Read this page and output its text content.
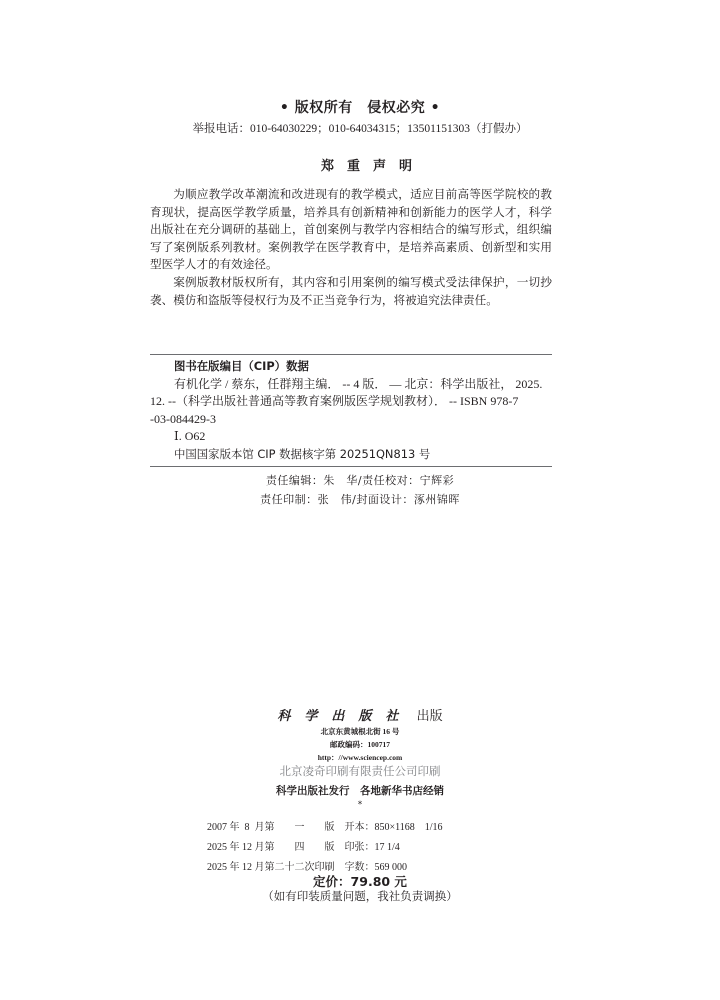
• 版权所有　侵权必究 •
举报电话：010-64030229；010-64034315；13501151303（打假办）
郑重声明

为顺应教学改革潮流和改进现有的教学模式，适应目前高等医学院校的教育现状，提高医学教学质量，培养具有创新精神和创新能力的医学人才，科学出版社在充分调研的基础上，首创案例与教学内容相结合的编写形式，组织编写了案例版系列教材。案例教学在医学教育中，是培养高素质、创新型和实用型医学人才的有效途径。

案例版教材版权所有，其内容和引用案例的编写模式受法律保护，一切抄袭、模仿和盗版等侵权行为及不正当竞争行为，将被追究法律责任。

图书在版编目（CIP）数据
有机化学 / 蔡东，任群翔主编． -- 4 版． — 北京：科学出版社， 2025.
12. --（科学出版社普通高等教育案例版医学规划教材）． -- ISBN 978-7
-03-084429-3
Ⅰ. O62
中国国家版本馆 CIP 数据核字第 20251QN813 号
责任编辑：朱　华/责任校对：宁辉彩
责任印制：张　伟/封面设计：涿州锦晖
科学出版社 出版
北京东黄城根北街 16 号
邮政编码：100717
http：//www.sciencep.com
北京凌奇印刷有限责任公司印刷
科学出版社发行　各地新华书店经销
*
2007 年  8  月第　　一　　版　开本：850×1168　1/16
2025 年 12 月第　　四　　版　印张：17 1/4
2025 年 12 月第二十二次印刷　字数：569 000
定价：79.80 元
（如有印装质量问题，我社负责调换）
